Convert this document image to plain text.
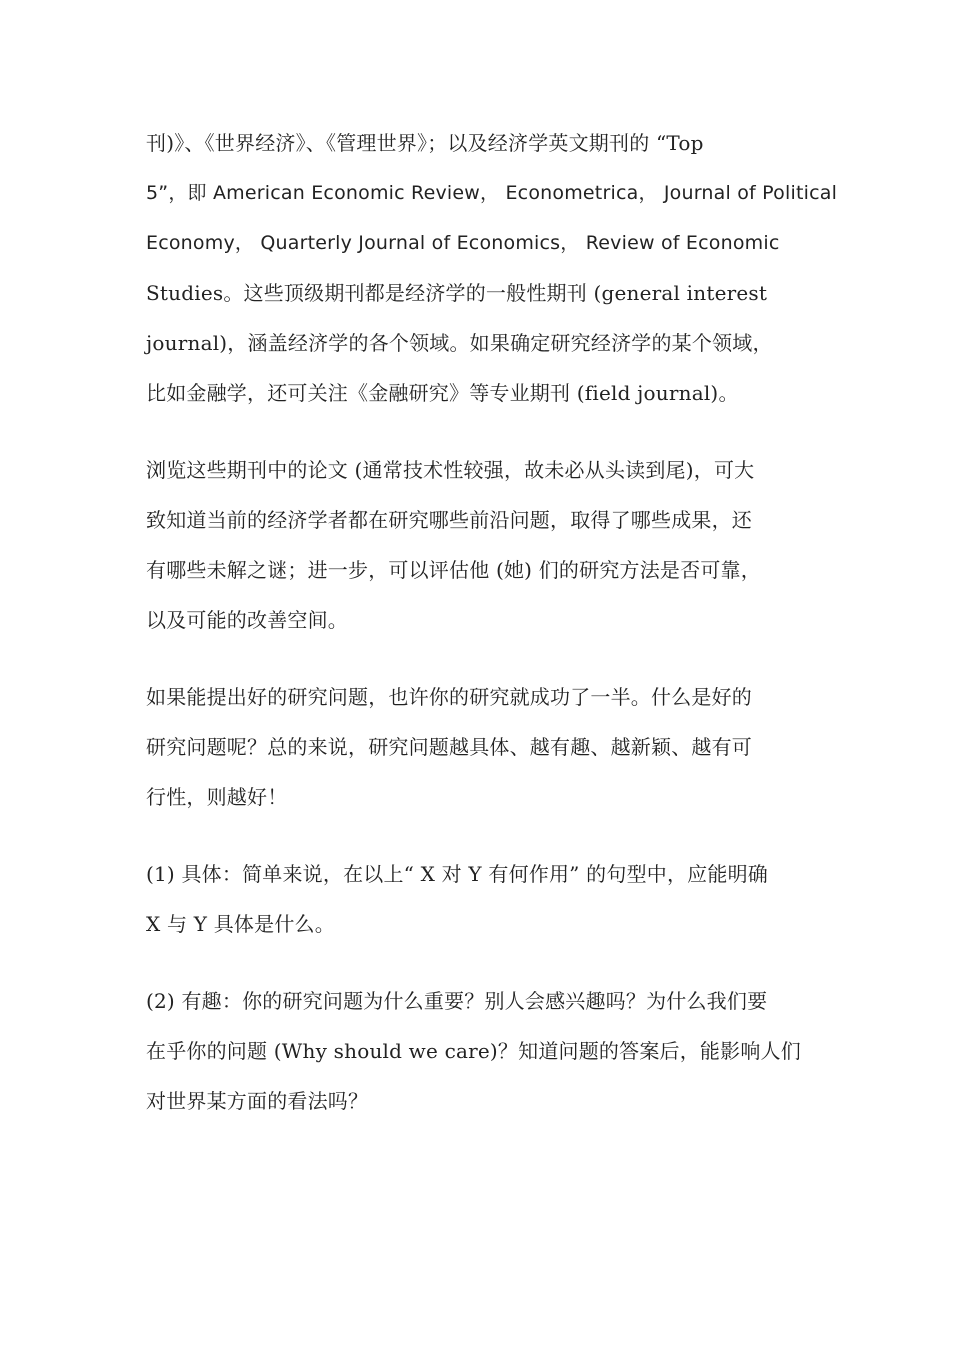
刊)》、《世界经济》、《管理世界》；以及经济学英文期刊的 “Top
5”，即 American Economic Review， Econometrica， Journal of Political
Economy， Quarterly Journal of Economics， Review of Economic
Studies。这些顶级期刊都是经济学的一般性期刊 (general interest
journal)，涵盖经济学的各个领域。如果确定研究经济学的某个领域，
比如金融学，还可关注《金融研究》等专业期刊 (field journal)。

浏览这些期刊中的论文 (通常技术性较强，故未必从头读到尾)，可大
致知道当前的经济学者都在研究哪些前沿问题，取得了哪些成果，还
有哪些未解之谜；进一步，可以评估他 (她) 们的研究方法是否可靠，
以及可能的改善空间。

如果能提出好的研究问题，也许你的研究就成功了一半。什么是好的
研究问题呢？总的来说，研究问题越具体、越有趣、越新颖、越有可
行性，则越好！

(1) 具体：简单来说，在以上“ X 对 Y 有何作用” 的句型中，应能明确
X 与 Y 具体是什么。

(2) 有趣：你的研究问题为什么重要？别人会感兴趣吗？为什么我们要
在乎你的问题 (Why should we care)？知道问题的答案后，能影响人们
对世界某方面的看法吗？
